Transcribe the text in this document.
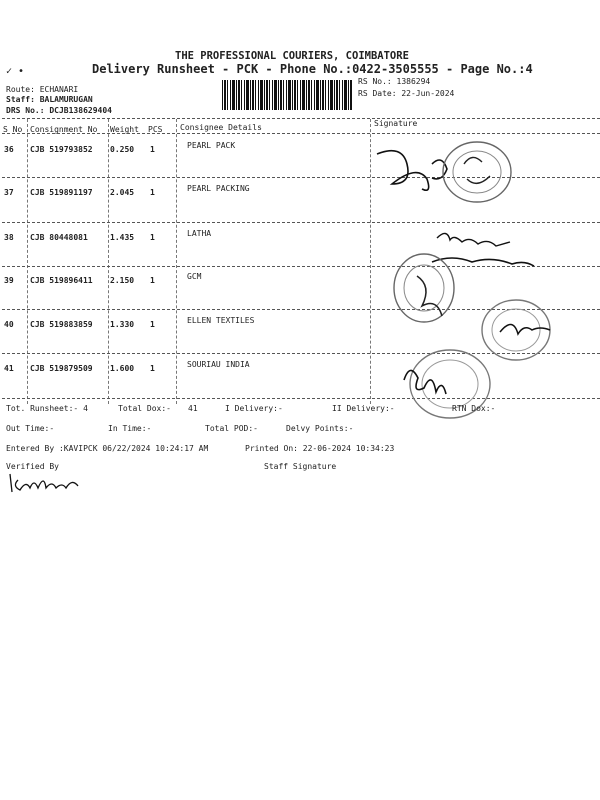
✓ •
THE PROFESSIONAL COURIERS, COIMBATORE
Delivery Runsheet - PCK - Phone No.:0422-3505555 - Page No.:4
Route: ECHANARI
Staff: BALAMURUGAN
DRS No.: DCJB138629404
RS No.: 1386294
RS Date: 22-Jun-2024
S No Consignment No Weight PCS Consignee Details	Signature
36 CJB 519793852 0.250 1	PEARL PACK
37 CJB 519891197 2.045 1	PEARL PACKING
38 CJB 80448081	1.435 1	LATHA
39 CJB 519896411 2.150 1	GCM
40 CJB 519883859 1.330 1	ELLEN TEXTILES
41 CJB 519879509 1.600 1	SOURIAU INDIA
Tot. Runsheet:- 4	Total Dox:- 41	I Delivery:-	II Delivery:-	RTN Dox:-
Out Time:-	In Time:-	Total POD:-	Delvy Points:-
Entered By :KAVIPCK 06/22/2024 10:24:17 AM	Printed On: 22-06-2024 10:34:23
Verified By	Staff Signature
